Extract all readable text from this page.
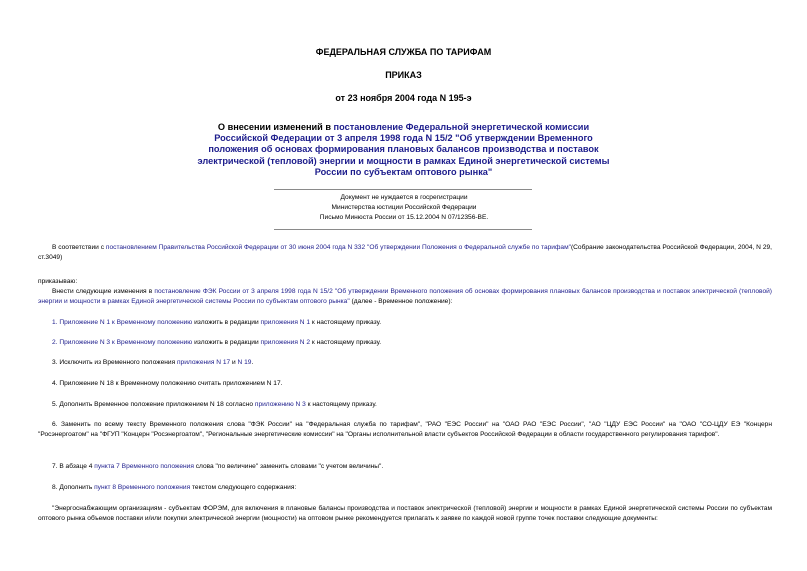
ФЕДЕРАЛЬНАЯ СЛУЖБА ПО ТАРИФАМ
ПРИКАЗ
от 23 ноября 2004 года N 195-э
О внесении изменений в постановление Федеральной энергетической комиссии Российской Федерации от 3 апреля 1998 года N 15/2 "Об утверждении Временного положения об основах формирования плановых балансов производства и поставок электрической (тепловой) энергии и мощности в рамках Единой энергетической системы России по субъектам оптового рынка"
Документ не нуждается в госрегистрации
Министерства юстиции Российской Федерации
Письмо Минюста России от 15.12.2004 N 07/12356-ВЕ.
В соответствии с постановлением Правительства Российской Федерации от 30 июня 2004 года N 332 "Об утверждении Положения о Федеральной службе по тарифам"(Собрание законодательства Российской Федерации, 2004, N 29, ст.3049)
приказываю:
Внести следующие изменения в постановление ФЭК России от 3 апреля 1998 года N 15/2 "Об утверждении Временного положения об основах формирования плановых балансов производства и поставок электрической (тепловой) энергии и мощности в рамках Единой энергетической системы России по субъектам оптового рынка" (далее - Временное положение):
1. Приложение N 1 к Временному положению изложить в редакции приложения N 1 к настоящему приказу.
2. Приложение N 3 к Временному положению изложить в редакции приложения N 2 к настоящему приказу.
3. Исключить из Временного положения приложения N 17 и N 19.
4. Приложение N 18 к Временному положению считать приложением N 17.
5. Дополнить Временное положение приложением N 18 согласно приложению N 3 к настоящему приказу.
6. Заменить по всему тексту Временного положения слова "ФЭК России" на "Федеральная служба по тарифам", "РАО "ЕЭС России" на "ОАО РАО "ЕЭС России", "АО "ЦДУ ЕЭС России" на "ОАО "СО-ЦДУ ЕЭ "Концерн "Росэнергоатом" на "ФГУП "Концерн "Росэнергоатом", "Региональные энергетические комиссии" на "Органы исполнительной власти субъектов Российской Федерации в области государственного регулирования тарифов".
7. В абзаце 4 пункта 7 Временного положения слова "по величине" заменить словами "с учетом величины".
8. Дополнить пункт 8 Временного положения текстом следующего содержания:
"Энергоснабжающим организациям - субъектам ФОРЭМ, для включения в плановые балансы производства и поставок электрической (тепловой) энергии и мощности в рамках Единой энергетической системы России по субъектам оптового рынка объемов поставки и/или покупки электрической энергии (мощности) на оптовом рынке рекомендуется прилагать к заявке по каждой новой группе точек поставки следующие документы:
